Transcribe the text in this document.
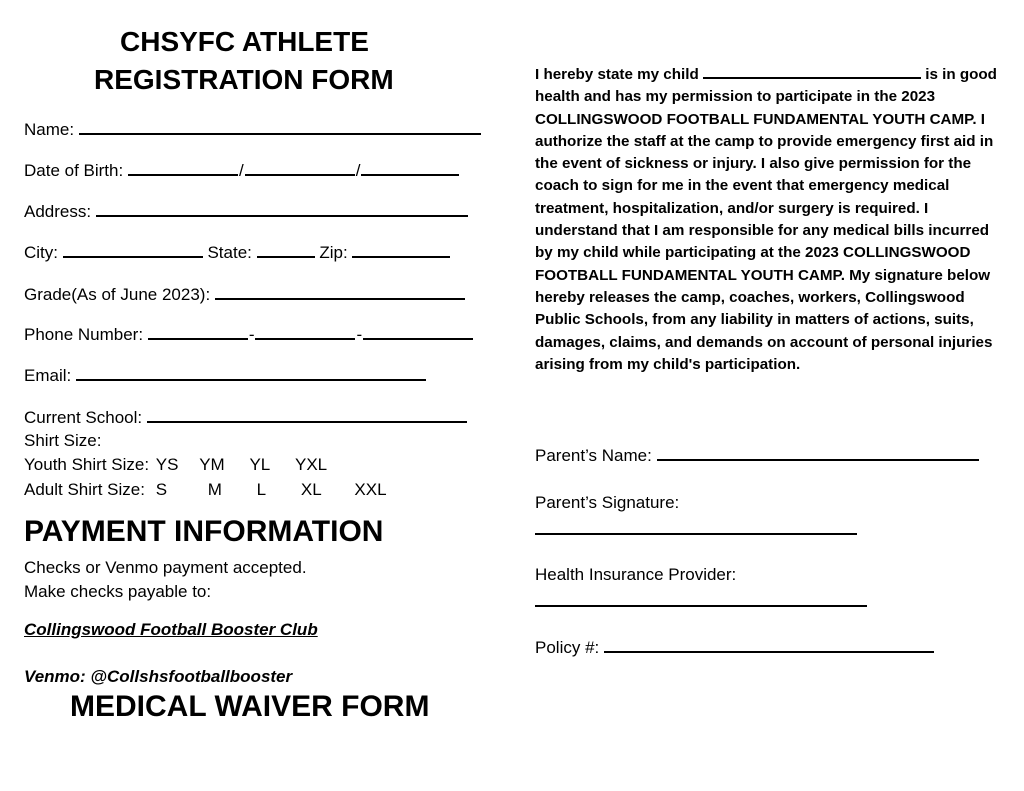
CHSYFC ATHLETE
REGISTRATION FORM
Name:
Date of Birth:	/	/
Address:
City:	State:	Zip:
Grade(As of June 2023):
Phone Number:	-	-
Email:
Current School:
Shirt Size:
Youth Shirt Size: YS YM YL YXL
Adult Shirt Size: S M L XL XXL
PAYMENT INFORMATION
Checks or Venmo payment accepted.
Make checks payable to:
Collingswood Football Booster Club
Venmo: @Collshsfootballbooster
MEDICAL WAIVER FORM
I hereby state my child	is in good health and has my permission to participate in the 2023 COLLINGSWOOD FOOTBALL FUNDAMENTAL YOUTH CAMP. I authorize the staff at the camp to provide emergency first aid in the event of sickness or injury. I also give permission for the coach to sign for me in the event that emergency medical treatment, hospitalization, and/or surgery is required. I understand that I am responsible for any medical bills incurred by my child while participating at the 2023 COLLINGSWOOD FOOTBALL FUNDAMENTAL YOUTH CAMP. My signature below hereby releases the camp, coaches, workers, Collingswood Public Schools, from any liability in matters of actions, suits, damages, claims, and demands on account of personal injuries arising from my child's participation.
Parent’s Name:
Parent’s Signature:
Health Insurance Provider:
Policy #:
